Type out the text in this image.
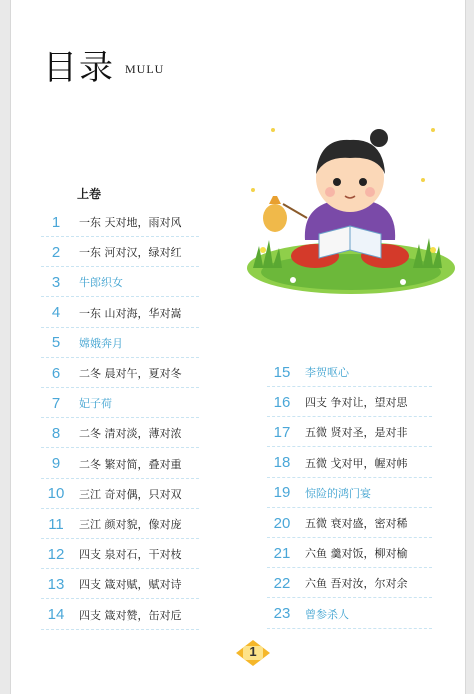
目录 MULU
上卷
1	一东 天对地，雨对风
2	一东 河对汉，绿对红
3	牛郎织女
4	一东 山对海，华对嵩
5	嫦娥奔月
6	二冬 晨对午，夏对冬
7	妃子荷
8	二冬 清对淡，薄对浓
9	二冬 繁对简，叠对重
10	三江 奇对偶，只对双
11	三江 颜对貌，像对庞
12	四支 泉对石，干对枝
13	四支 箴对赋，赋对诗
14	四支 箴对赞，缶对卮
15	李贺呕心
16	四支 争对让，望对思
17	五微 贤对圣，是对非
18	五微 戈对甲，幄对帏
19	惊险的鸿门宴
20	五微 衰对盛，密对稀
21	六鱼 羹对饭，柳对榆
22	六鱼 吾对汝，尔对余
23	曾参杀人
1
